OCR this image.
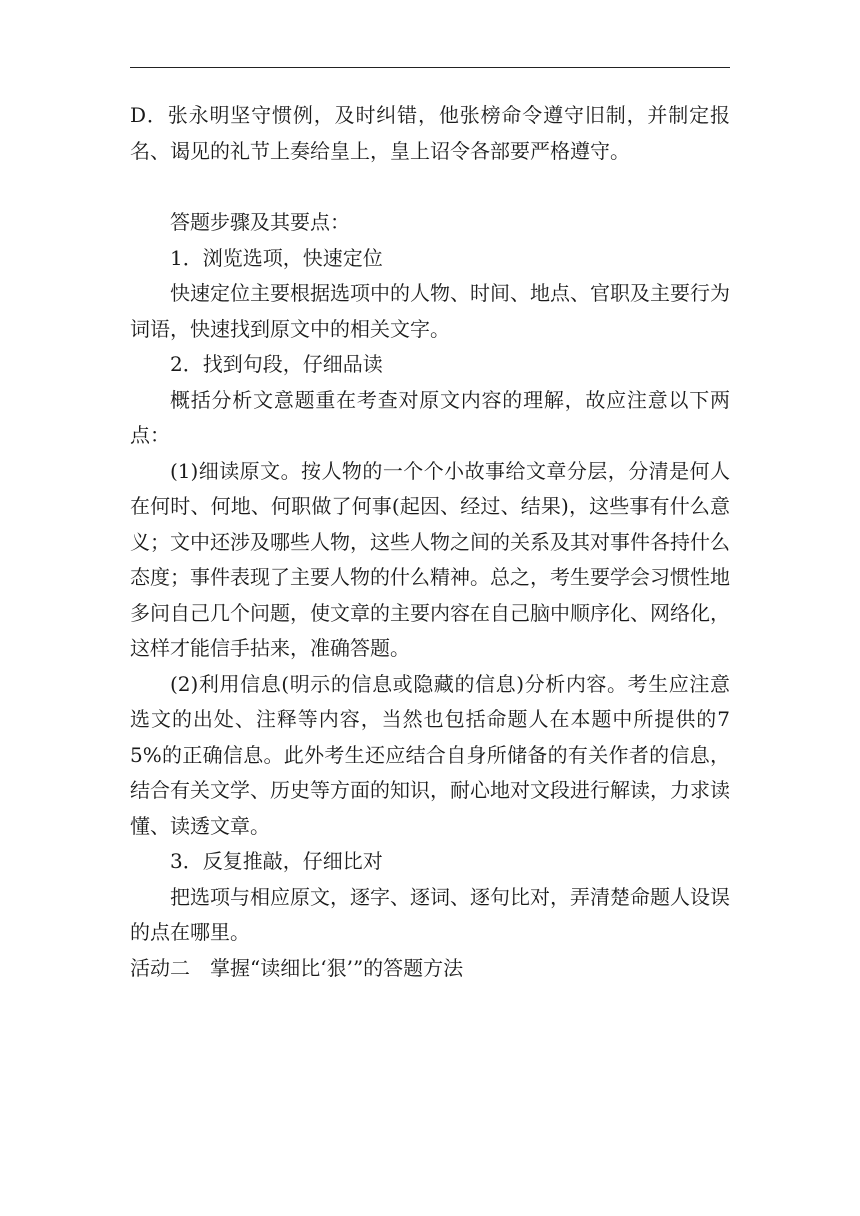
D．张永明坚守惯例，及时纠错，他张榜命令遵守旧制，并制定报名、谒见的礼节上奏给皇上，皇上诏令各部要严格遵守。

答题步骤及其要点：

1．浏览选项，快速定位

快速定位主要根据选项中的人物、时间、地点、官职及主要行为词语，快速找到原文中的相关文字。

2．找到句段，仔细品读

概括分析文意题重在考查对原文内容的理解，故应注意以下两点：

(1)细读原文。按人物的一个个小故事给文章分层，分清是何人在何时、何地、何职做了何事(起因、经过、结果)，这些事有什么意义；文中还涉及哪些人物，这些人物之间的关系及其对事件各持什么态度；事件表现了主要人物的什么精神。总之，考生要学会习惯性地多问自己几个问题，使文章的主要内容在自己脑中顺序化、网络化，这样才能信手拈来，准确答题。

(2)利用信息(明示的信息或隐藏的信息)分析内容。考生应注意选文的出处、注释等内容，当然也包括命题人在本题中所提供的75%的正确信息。此外考生还应结合自身所储备的有关作者的信息，结合有关文学、历史等方面的知识，耐心地对文段进行解读，力求读懂、读透文章。

3．反复推敲，仔细比对

把选项与相应原文，逐字、逐词、逐句比对，弄清楚命题人设误的点在哪里。

活动二　掌握“读细比‘狠’”的答题方法
